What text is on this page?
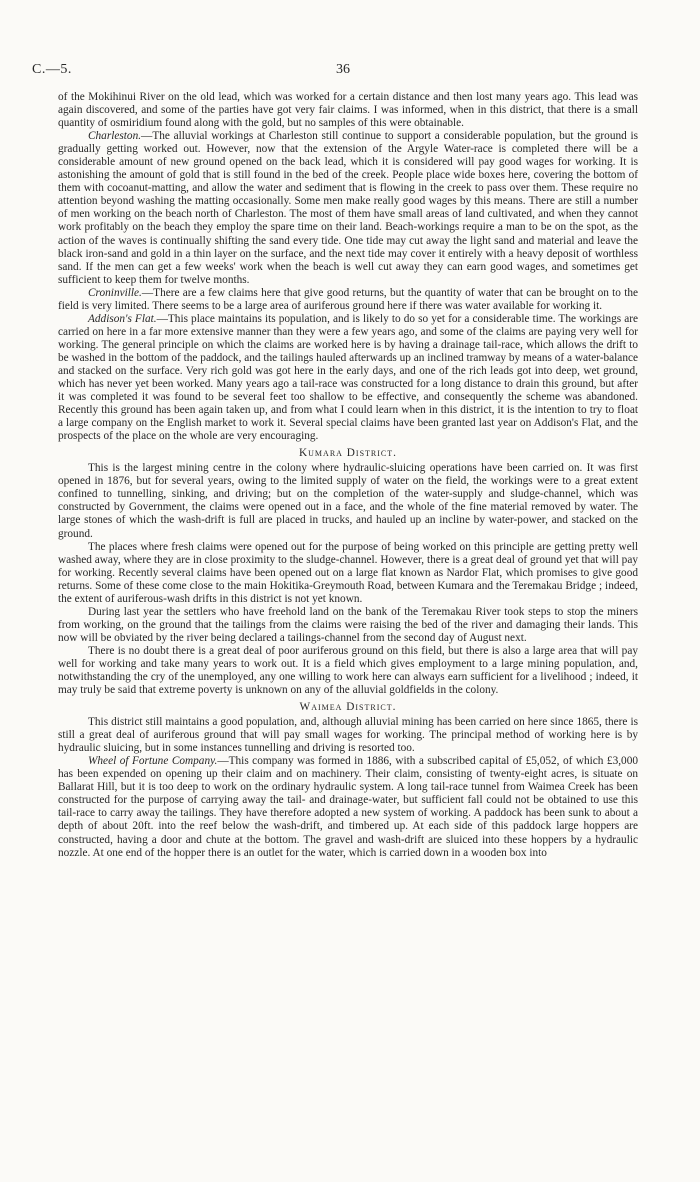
C.—5.	36

of the Mokihinui River on the old lead, which was worked for a certain distance and then lost many years ago. This lead was again discovered, and some of the parties have got very fair claims. I was informed, when in this district, that there is a small quantity of osmiridium found along with the gold, but no samples of this were obtainable.

Charleston.—The alluvial workings at Charleston still continue to support a considerable population, but the ground is gradually getting worked out. However, now that the extension of the Argyle Water-race is completed there will be a considerable amount of new ground opened on the back lead, which it is considered will pay good wages for working. It is astonishing the amount of gold that is still found in the bed of the creek. People place wide boxes here, covering the bottom of them with cocoanut-matting, and allow the water and sediment that is flowing in the creek to pass over them. These require no attention beyond washing the matting occasionally. Some men make really good wages by this means. There are still a number of men working on the beach north of Charleston. The most of them have small areas of land cultivated, and when they cannot work profitably on the beach they employ the spare time on their land. Beach-workings require a man to be on the spot, as the action of the waves is continually shifting the sand every tide. One tide may cut away the light sand and material and leave the black iron-sand and gold in a thin layer on the surface, and the next tide may cover it entirely with a heavy deposit of worthless sand. If the men can get a few weeks' work when the beach is well cut away they can earn good wages, and sometimes get sufficient to keep them for twelve months.

Croninville.—There are a few claims here that give good returns, but the quantity of water that can be brought on to the field is very limited. There seems to be a large area of auriferous ground here if there was water available for working it.

Addison's Flat.—This place maintains its population, and is likely to do so yet for a considerable time. The workings are carried on here in a far more extensive manner than they were a few years ago, and some of the claims are paying very well for working. The general principle on which the claims are worked here is by having a drainage tail-race, which allows the drift to be washed in the bottom of the paddock, and the tailings hauled afterwards up an inclined tramway by means of a water-balance and stacked on the surface. Very rich gold was got here in the early days, and one of the rich leads got into deep, wet ground, which has never yet been worked. Many years ago a tail-race was constructed for a long distance to drain this ground, but after it was completed it was found to be several feet too shallow to be effective, and consequently the scheme was abandoned. Recently this ground has been again taken up, and from what I could learn when in this district, it is the intention to try to float a large company on the English market to work it. Several special claims have been granted last year on Addison's Flat, and the prospects of the place on the whole are very encouraging.

Kumara District.

This is the largest mining centre in the colony where hydraulic-sluicing operations have been carried on. It was first opened in 1876, but for several years, owing to the limited supply of water on the field, the workings were to a great extent confined to tunnelling, sinking, and driving; but on the completion of the water-supply and sludge-channel, which was constructed by Government, the claims were opened out in a face, and the whole of the fine material removed by water. The large stones of which the wash-drift is full are placed in trucks, and hauled up an incline by water-power, and stacked on the ground.

The places where fresh claims were opened out for the purpose of being worked on this principle are getting pretty well washed away, where they are in close proximity to the sludge-channel. However, there is a great deal of ground yet that will pay for working. Recently several claims have been opened out on a large flat known as Nardor Flat, which promises to give good returns. Some of these come close to the main Hokitika-Greymouth Road, between Kumara and the Teremakau Bridge ; indeed, the extent of auriferous-wash drifts in this district is not yet known.

During last year the settlers who have freehold land on the bank of the Teremakau River took steps to stop the miners from working, on the ground that the tailings from the claims were raising the bed of the river and damaging their lands. This now will be obviated by the river being declared a tailings-channel from the second day of August next.

There is no doubt there is a great deal of poor auriferous ground on this field, but there is also a large area that will pay well for working and take many years to work out. It is a field which gives employment to a large mining population, and, notwithstanding the cry of the unemployed, any one willing to work here can always earn sufficient for a livelihood ; indeed, it may truly be said that extreme poverty is unknown on any of the alluvial goldfields in the colony.

Waimea District.

This district still maintains a good population, and, although alluvial mining has been carried on here since 1865, there is still a great deal of auriferous ground that will pay small wages for working. The principal method of working here is by hydraulic sluicing, but in some instances tunnelling and driving is resorted too.

Wheel of Fortune Company.—This company was formed in 1886, with a subscribed capital of £5,052, of which £3,000 has been expended on opening up their claim and on machinery. Their claim, consisting of twenty-eight acres, is situate on Ballarat Hill, but it is too deep to work on the ordinary hydraulic system. A long tail-race tunnel from Waimea Creek has been constructed for the purpose of carrying away the tail- and drainage-water, but sufficient fall could not be obtained to use this tail-race to carry away the tailings. They have therefore adopted a new system of working. A paddock has been sunk to about a depth of about 20ft. into the reef below the wash-drift, and timbered up. At each side of this paddock large hoppers are constructed, having a door and chute at the bottom. The gravel and wash-drift are sluiced into these hoppers by a hydraulic nozzle. At one end of the hopper there is an outlet for the water, which is carried down in a wooden box into
